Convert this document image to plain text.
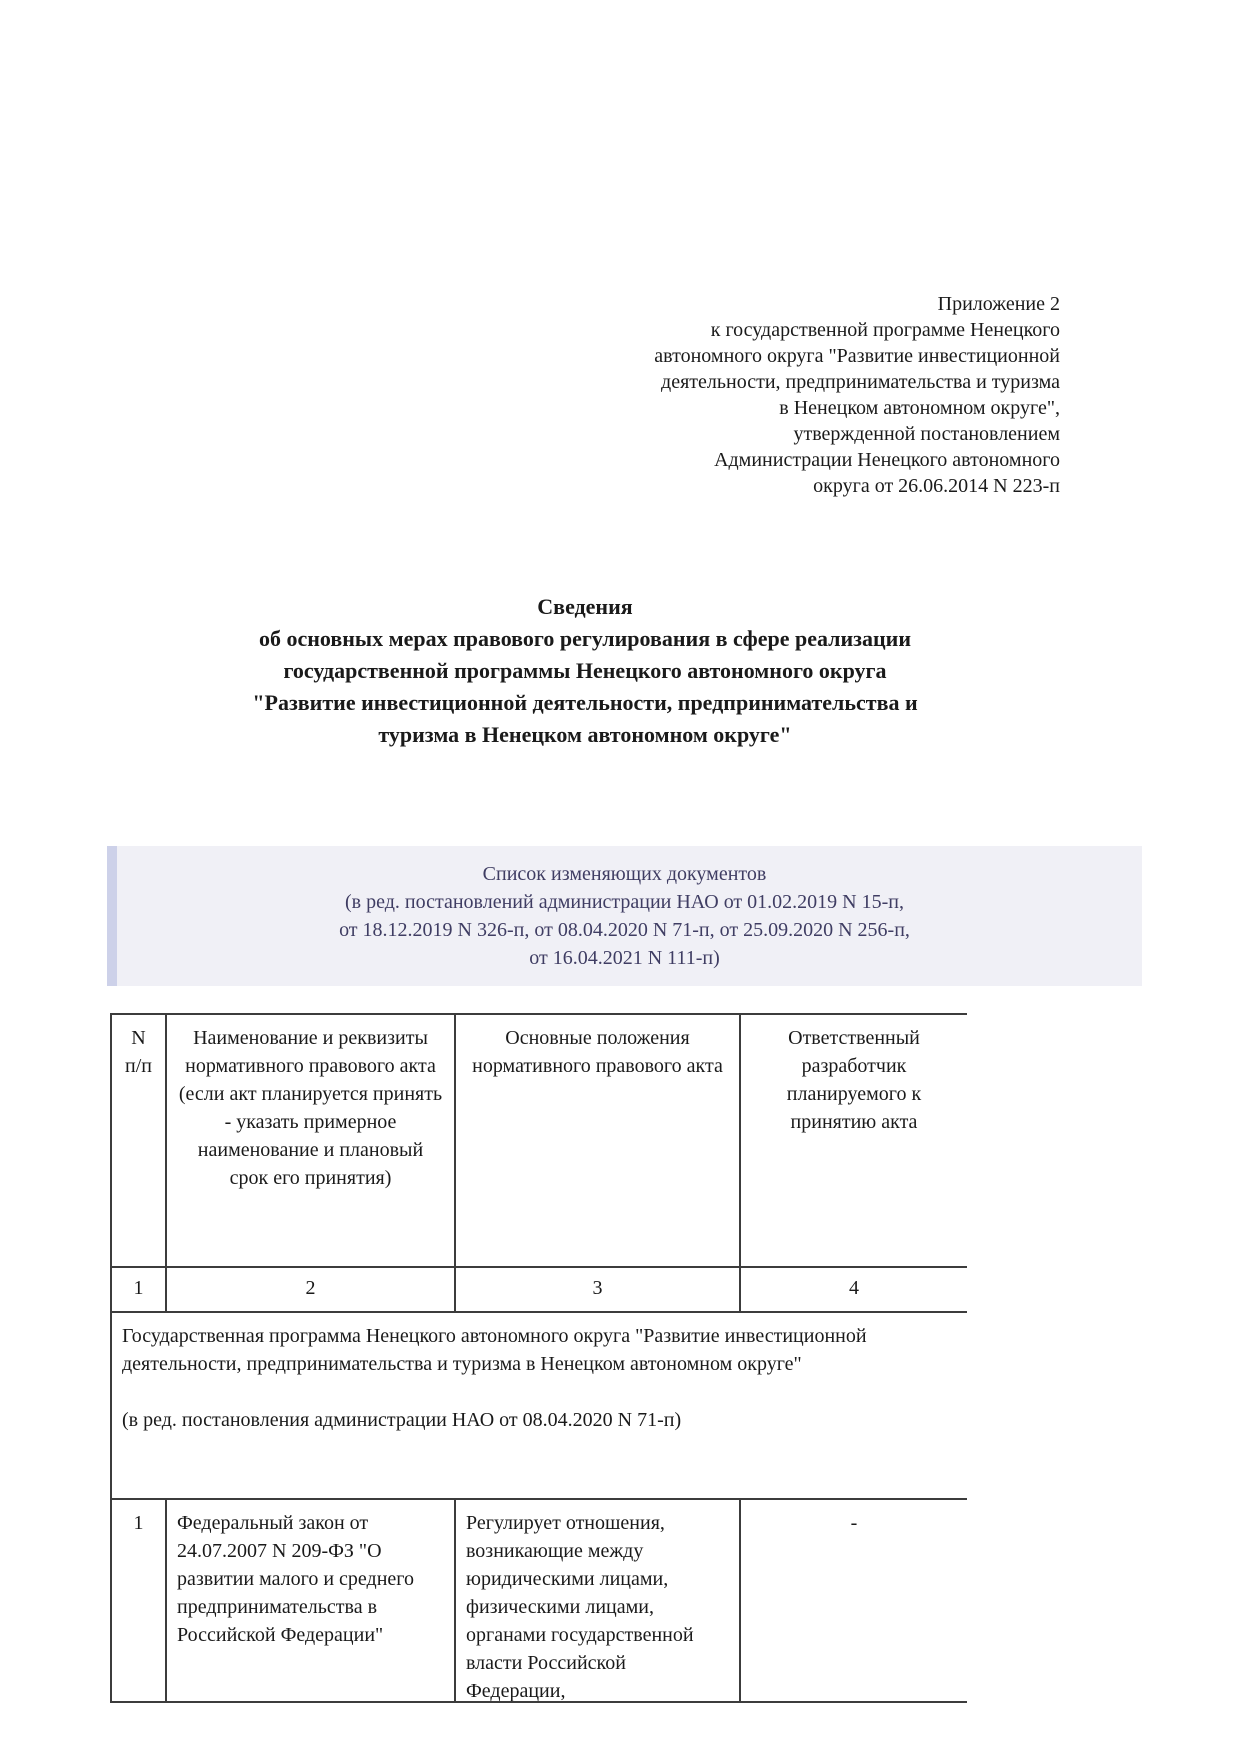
Приложение 2
к государственной программе Ненецкого
автономного округа "Развитие инвестиционной
деятельности, предпринимательства и туризма
в Ненецком автономном округе",
утвержденной постановлением
Администрации Ненецкого автономного
округа от 26.06.2014 N 223-п
Сведения
об основных мерах правового регулирования в сфере реализации
государственной программы Ненецкого автономного округа
"Развитие инвестиционной деятельности, предпринимательства и
туризма в Ненецком автономном округе"
Список изменяющих документов
(в ред. постановлений администрации НАО от 01.02.2019 N 15-п,
от 18.12.2019 N 326-п, от 08.04.2020 N 71-п, от 25.09.2020 N 256-п,
от 16.04.2021 N 111-п)
N п/п	Наименование и реквизиты нормативного правового акта (если акт планируется принять - указать примерное наименование и плановый срок его принятия)	Основные положения нормативного правового акта	Ответственный разработчик планируемого к принятию акта
1	2	3	4

Государственная программа Ненецкого автономного округа "Развитие инвестиционной деятельности, предпринимательства и туризма в Ненецком автономном округе"
(в ред. постановления администрации НАО от 08.04.2020 N 71-п)			

1	Федеральный закон от 24.07.2007 N 209-ФЗ "О развитии малого и среднего предпринимательства в Российской Федерации"	Регулирует отношения, возникающие между юридическими лицами, физическими лицами, органами государственной власти Российской Федерации,	-
